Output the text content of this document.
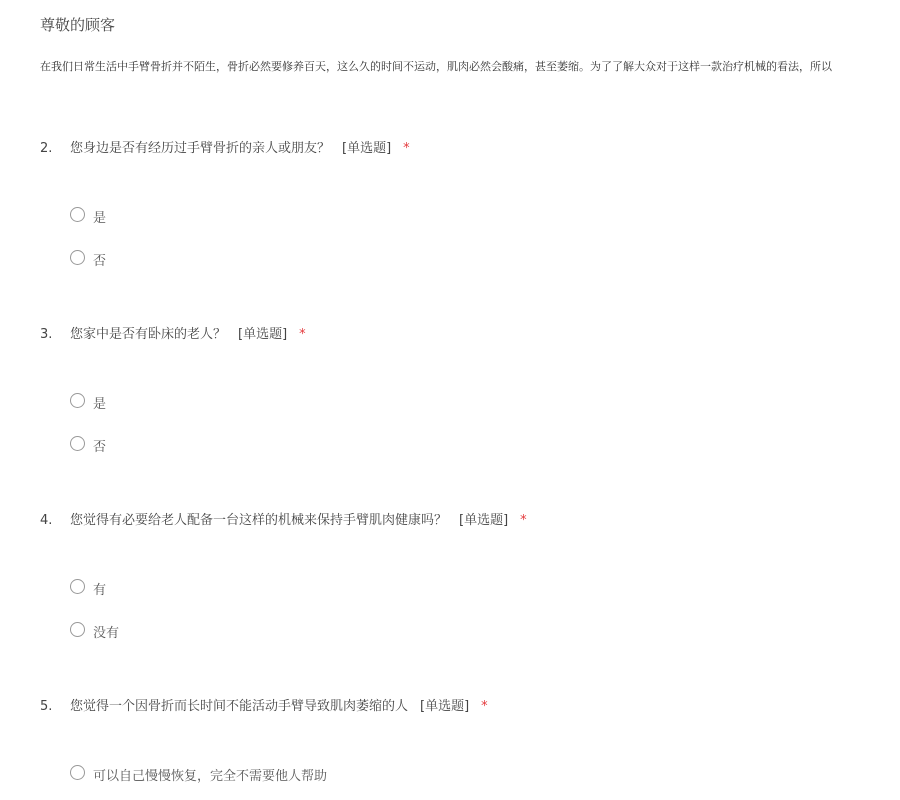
尊敬的顾客
在我们日常生活中手臂骨折并不陌生，骨折必然要修养百天，这么久的时间不运动，肌肉必然会酸痛，甚至萎缩。为了了解大众对于这样一款治疗机械的看法，所以
2. 您身边是否有经历过手臂骨折的亲人或朋友？ [单选题] *
是
否
3. 您家中是否有卧床的老人？ [单选题] *
是
否
4. 您觉得有必要给老人配备一台这样的机械来保持手臂肌肉健康吗？ [单选题] *
有
没有
5. 您觉得一个因骨折而长时间不能活动手臂导致肌肉萎缩的人 [单选题] *
可以自己慢慢恢复，完全不需要他人帮助
